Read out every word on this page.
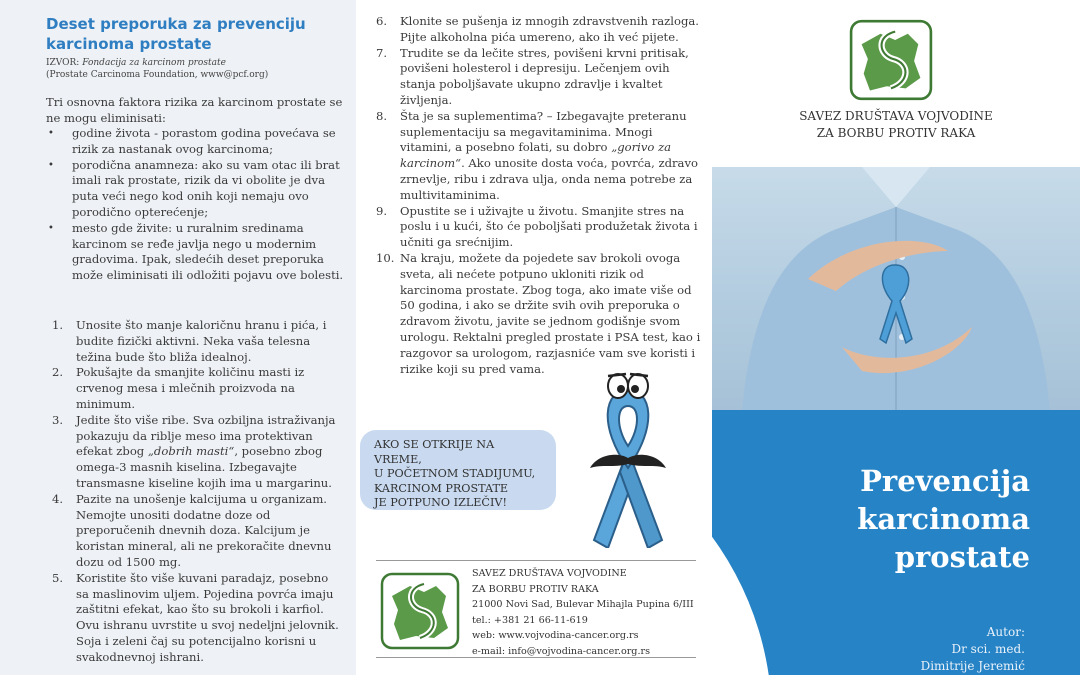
Deset preporuka za prevenciju karcinoma prostate
IZVOR: Fondacija za karcinom prostate
(Prostate Carcinoma Foundation, www@pcf.org)

Tri osnovna faktora rizika za karcinom prostate se ne mogu eliminisati:

• godine života - porastom godina povećava se rizik za nastanak ovog karcinoma;
• porodična anamneza: ako su vam otac ili brat imali rak prostate, rizik da vi obolite je dva puta veći nego kod onih koji nemaju ovo porodično opterećenje;
• mesto gde živite: u ruralnim sredinama karcinom se ređe javlja nego u modernim gradovima. Ipak, sledećih deset preporuka može eliminisati ili odložiti pojavu ove bolesti.
1. Unosite što manje kaloričnu hranu i pića, i budite fizički aktivni. Neka vaša telesna težina bude što bliža idealnoj.
2. Pokušajte da smanjite količinu masti iz crvenog mesa i mlečnih proizvoda na minimum.
3. Jedite što više ribe. Sva ozbiljna istraživanja pokazuju da riblje meso ima protektivan efekat zbog „dobrih masti“, posebno zbog omega-3 masnih kiselina. Izbegavajte transmasne kiseline kojih ima u margarinu.
4. Pazite na unošenje kalcijuma u organizam. Nemojte unositi dodatne doze od preporučenih dnevnih doza. Kalcijum je koristan mineral, ali ne prekoračite dnevnu dozu od 1500 mg.
5. Koristite što više kuvani paradajz, posebno sa maslinovim uljem. Pojedina povrća imaju zaštitni efekat, kao što su brokoli i karfiol. Ovu ishranu uvrstite u svoj nedeljni jelovnik. Soja i zeleni čaj su potencijalno korisni u svakodnevnoj ishrani.
6. Klonite se pušenja iz mnogih zdravstvenih razloga. Pijte alkoholna pića umereno, ako ih već pijete.
7. Trudite se da lečite stres, povišeni krvni pritisak, povišeni holesterol i depresiju. Lečenjem ovih stanja poboljšavate ukupno zdravlje i kvaltet življenja.
8. Šta je sa suplementima? – Izbegavajte preteranu suplementaciju sa megavitaminima. Mnogi vitamini, a posebno folati, su dobro „gorivo za karcinom“. Ako unosite dosta voća, povrća, zdravo zrnevlje, ribu i zdrava ulja, onda nema potrebe za multivitaminima.
9. Opustite se i uživajte u životu. Smanjite stres na poslu i u kući, što će poboljšati produžetak života i učniti ga srećnijim.
10. Na kraju, možete da pojedete sav brokoli ovoga sveta, ali nećete potpuno ukloniti rizik od karcinoma prostate. Zbog toga, ako imate više od 50 godina, i ako se držite svih ovih preporuka o zdravom životu, javite se jednom godišnje svom urologu. Rektalni pregled prostate i PSA test, kao i razgovor sa urologom, razjasniće vam sve koristi i rizike koji su pred vama.
AKO SE OTKRIJE NA VREME,
U POČETNOM STADIJUMU,
KARCINOM PROSTATE
JE POTPUNO IZLEČIV!
SAVEZ DRUŠTAVA VOJVODINE
ZA BORBU PROTIV RAKA
21000 Novi Sad, Bulevar Mihajla Pupina 6/III
tel.: +381 21 66-11-619
web: www.vojvodina-cancer.org.rs
e-mail: info@vojvodina-cancer.org.rs
SAVEZ DRUŠTAVA VOJVODINE
ZA BORBU PROTIV RAKA
Prevencija
karcinoma
prostate
Autor:
Dr sci. med.
Dimitrije Jeremić
